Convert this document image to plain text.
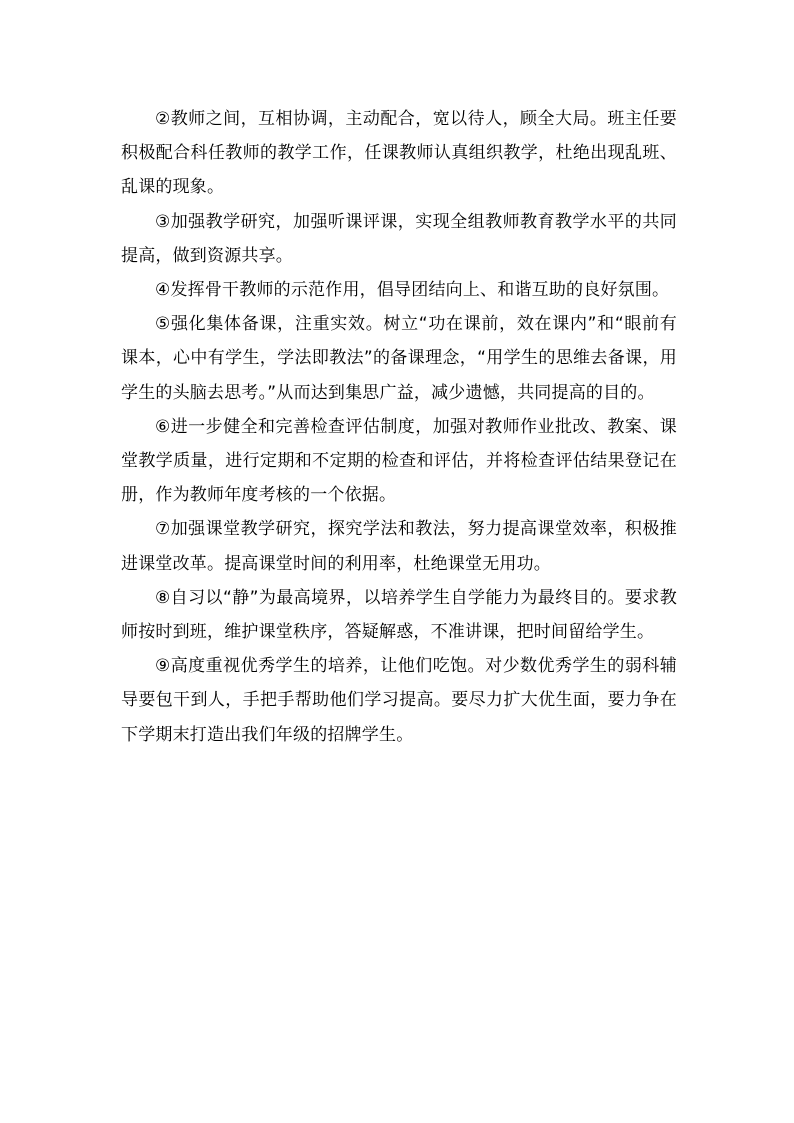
②教师之间，互相协调，主动配合，宽以待人，顾全大局。班主任要积极配合科任教师的教学工作，任课教师认真组织教学，杜绝出现乱班、乱课的现象。

③加强教学研究，加强听课评课，实现全组教师教育教学水平的共同提高，做到资源共享。

④发挥骨干教师的示范作用，倡导团结向上、和谐互助的良好氛围。

⑤强化集体备课，注重实效。树立“功在课前，效在课内”和“眼前有课本，心中有学生，学法即教法”的备课理念，“用学生的思维去备课，用学生的头脑去思考。”从而达到集思广益，减少遗憾，共同提高的目的。

⑥进一步健全和完善检查评估制度，加强对教师作业批改、教案、课堂教学质量，进行定期和不定期的检查和评估，并将检查评估结果登记在册，作为教师年度考核的一个依据。

⑦加强课堂教学研究，探究学法和教法，努力提高课堂效率，积极推进课堂改革。提高课堂时间的利用率，杜绝课堂无用功。

⑧自习以“静”为最高境界，以培养学生自学能力为最终目的。要求教师按时到班，维护课堂秩序，答疑解惑，不准讲课，把时间留给学生。

⑨高度重视优秀学生的培养，让他们吃饱。对少数优秀学生的弱科辅导要包干到人，手把手帮助他们学习提高。要尽力扩大优生面，要力争在下学期末打造出我们年级的招牌学生。
